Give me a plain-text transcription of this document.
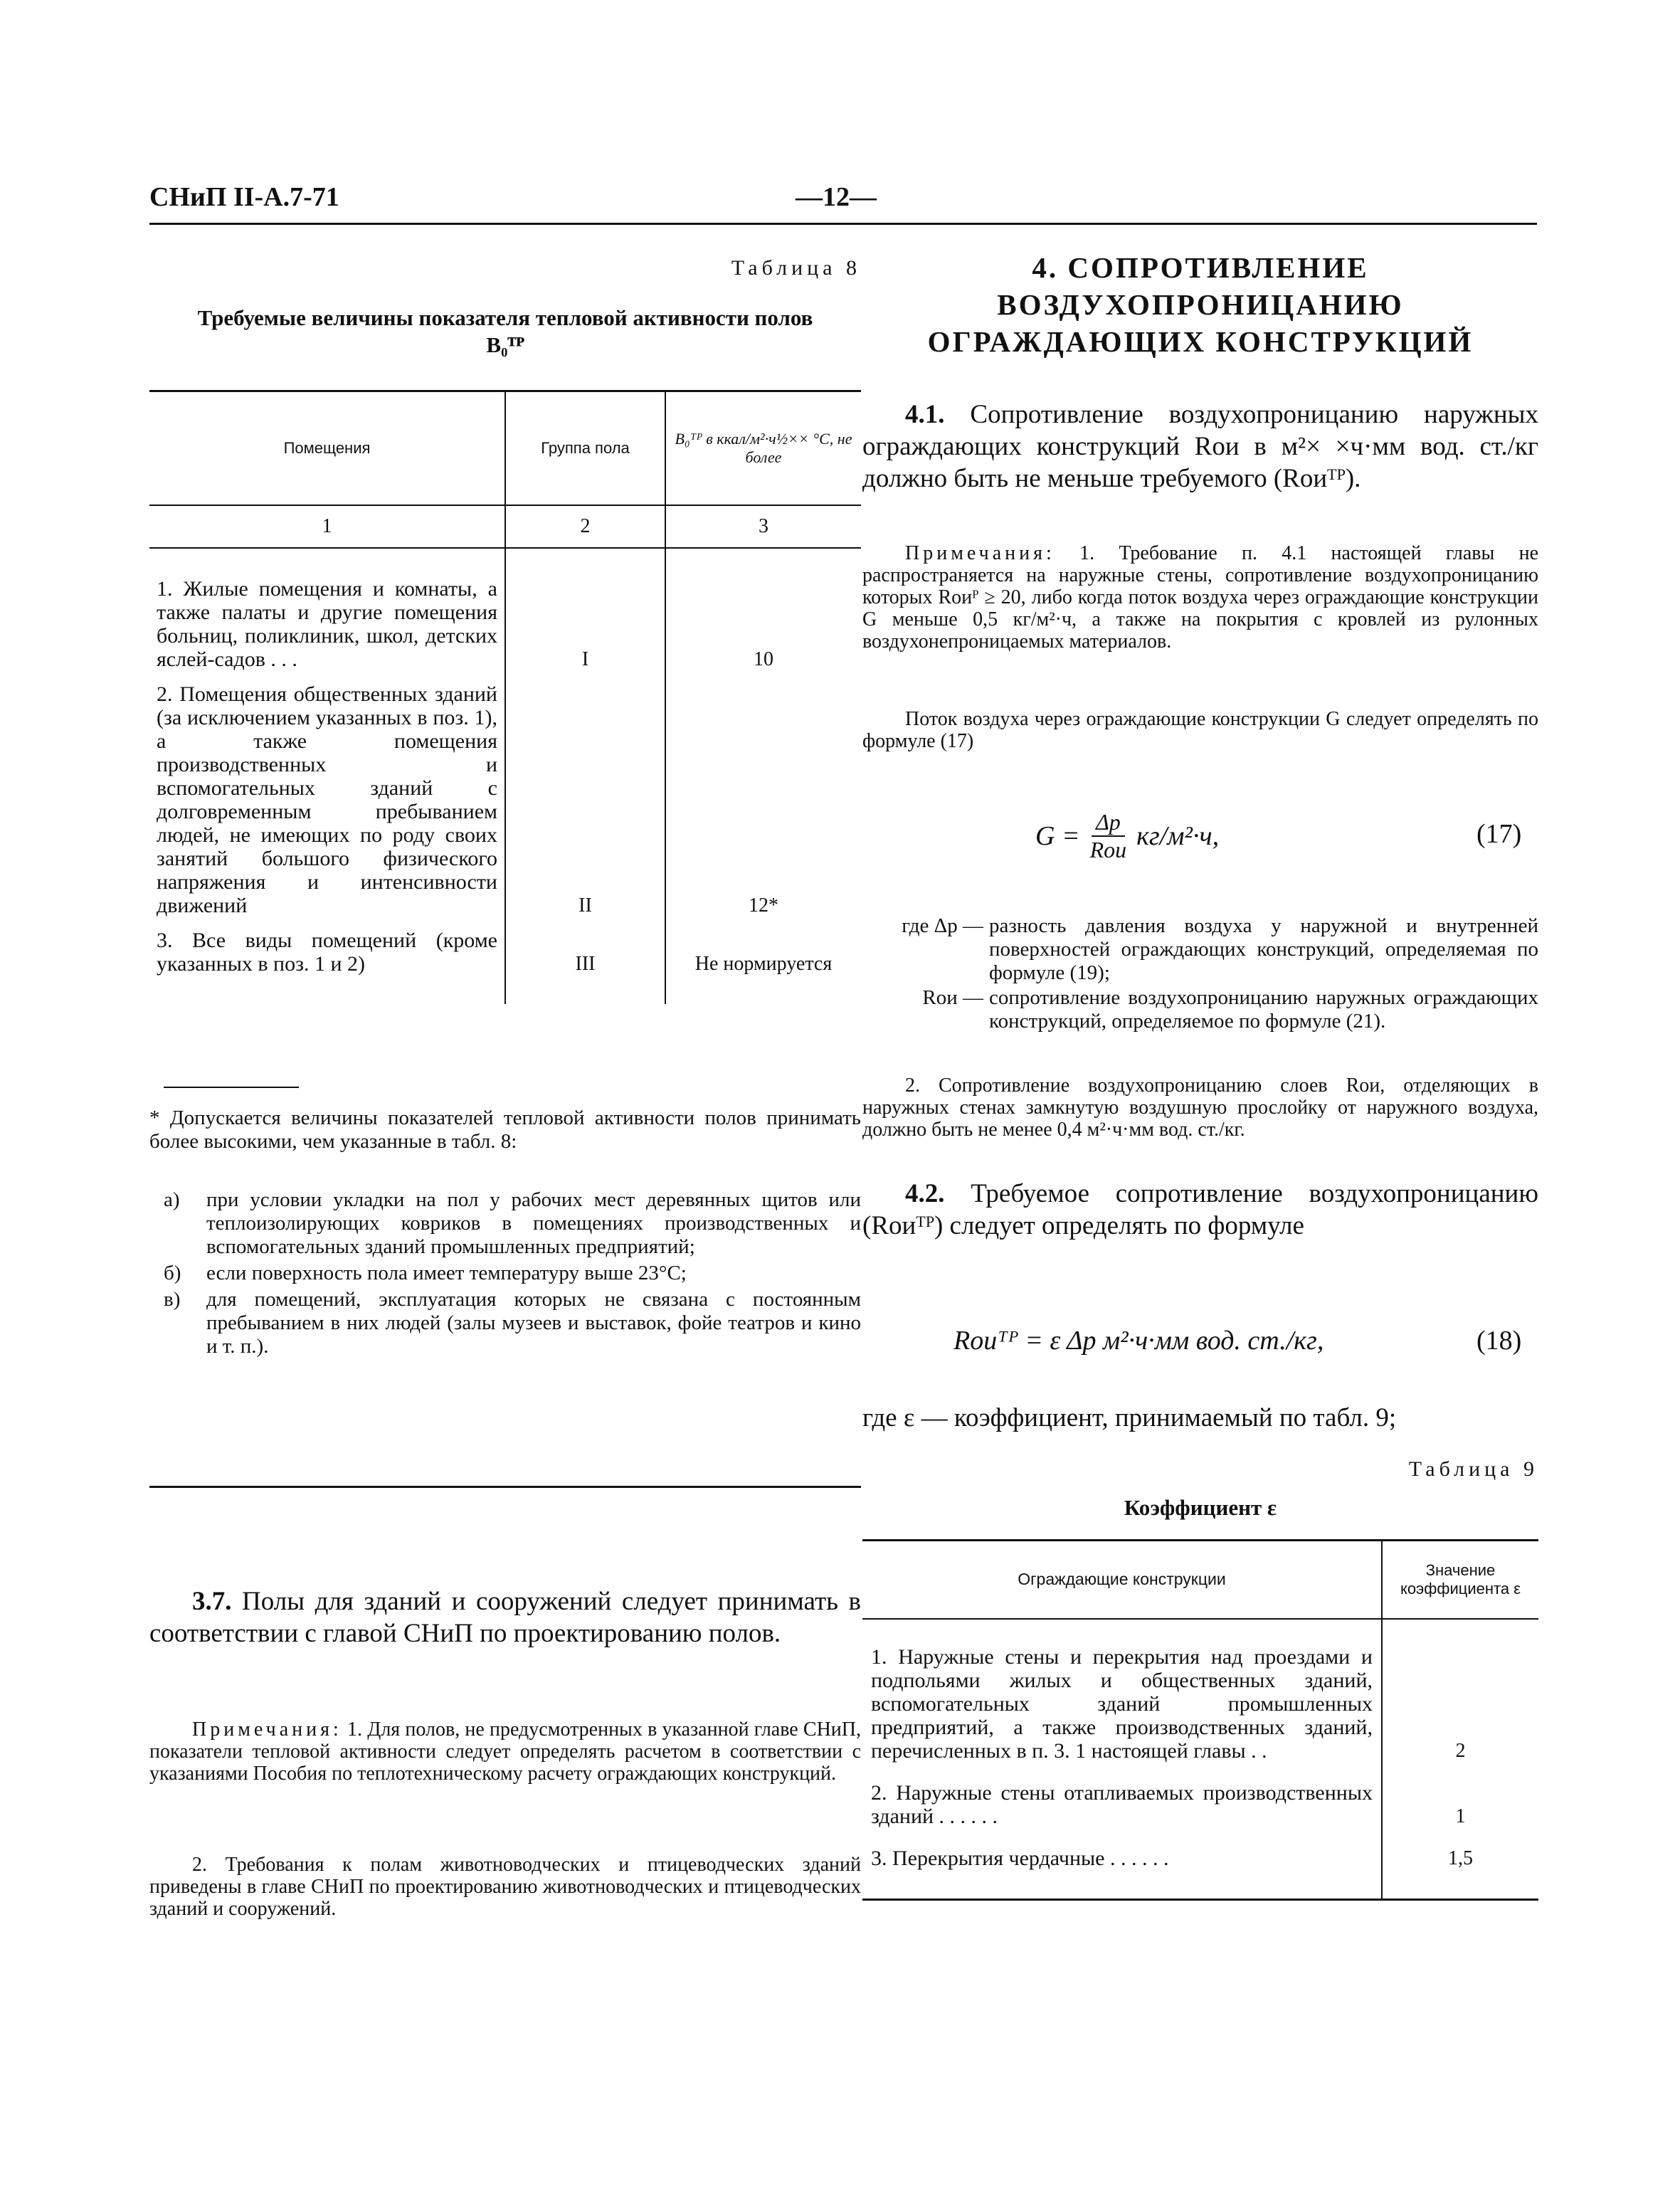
СНиП II-А.7-71	—12—
Таблица 8
Требуемые величины показателя тепловой активности полов B₀ᵀᴾ
Помещения	Группа пола	B₀ᵀᴾ в ккал/м²·ч½×× °С, не более
1	2	3
1. Жилые помещения и комнаты, а также палаты и другие помещения больниц, поликлиник, школ, детских яслей-садов . . .	I	10
2. Помещения общественных зданий (за исключением указанных в поз. 1), а также помещения производственных и вспомогательных зданий с долговременным пребыванием людей, не имеющих по роду своих занятий большого физического напряжения и интенсивности движений	II	12*
3. Все виды помещений (кроме указанных в поз. 1 и 2)	III	Не нормируется
* Допускается величины показателей тепловой активности полов принимать более высокими, чем указанные в табл. 8:
а)	при условии укладки на пол у рабочих мест деревянных щитов или теплоизолирующих ковриков в помещениях производственных и вспомогательных зданий промышленных предприятий;
б)	если поверхность пола имеет температуру выше 23°С;
в)	для помещений, эксплуатация которых не связана с постоянным пребыванием в них людей (залы музеев и выставок, фойе театров и кино и т. п.).
3.7. Полы для зданий и сооружений следует принимать в соответствии с главой СНиП по проектированию полов.
Примечания: 1. Для полов, не предусмотренных в указанной главе СНиП, показатели тепловой активности следует определять расчетом в соответствии с указаниями Пособия по теплотехническому расчету ограждающих конструкций.
2. Требования к полам животноводческих и птицеводческих зданий приведены в главе СНиП по проектированию животноводческих и птицеводческих зданий и сооружений.
4. СОПРОТИВЛЕНИЕ
ВОЗДУХОПРОНИЦАНИЮ
ОГРАЖДАЮЩИХ КОНСТРУКЦИЙ
4.1. Сопротивление воздухопроницанию наружных ограждающих конструкций Rои в м²× ×ч·мм вод. ст./кг должно быть не меньше требуемого (Rоиᵀᴾ).
Примечания: 1. Требование п. 4.1 настоящей главы не распространяется на наружные стены, сопротивление воздухопроницанию которых Rоиᴾ ≥ 20, либо когда поток воздуха через ограждающие конструкции G меньше 0,5 кг/м²·ч, а также на покрытия с кровлей из рулонных воздухонепроницаемых материалов.
Поток воздуха через ограждающие конструкции G следует определять по формуле (17)
G = Δp
Rои кг/м²·ч,	(17)
где Δp — разность давления воздуха у наружной и внутренней поверхностей ограждающих конструкций, определяемая по формуле (19);
Rои — сопротивление воздухопроницанию наружных ограждающих конструкций, определяемое по формуле (21).
2. Сопротивление воздухопроницанию слоев Rои, отделяющих в наружных стенах замкнутую воздушную прослойку от наружного воздуха, должно быть не менее 0,4 м²·ч·мм вод. ст./кг.
4.2. Требуемое сопротивление воздухопроницанию (Rоиᵀᴾ) следует определять по формуле
Rоиᵀᴾ = ε Δp м²·ч·мм вод. ст./кг,	(18)
где ε — коэффициент, принимаемый по табл. 9;
Таблица 9
Коэффициент ε
Ограждающие конструкции	Значение коэффициента ε
1. Наружные стены и перекрытия над проездами и подпольями жилых и общественных зданий, вспомогательных зданий промышленных предприятий, а также производственных зданий, перечисленных в п. 3. 1 настоящей главы . .	2
2. Наружные стены отапливаемых производственных зданий . . . . . .	1
3. Перекрытия чердачные . . . . . .	1,5
